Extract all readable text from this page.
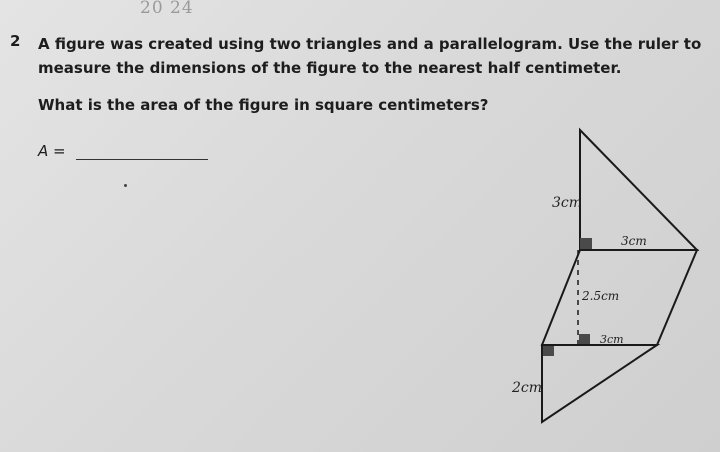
20 24
2 A figure was created using two triangles and a parallelogram. Use the ruler to measure the dimensions of the figure to the nearest half centimeter.
What is the area of the figure in square centimeters?
A =
3cm
3cm
2.5cm
3cm
2cm
